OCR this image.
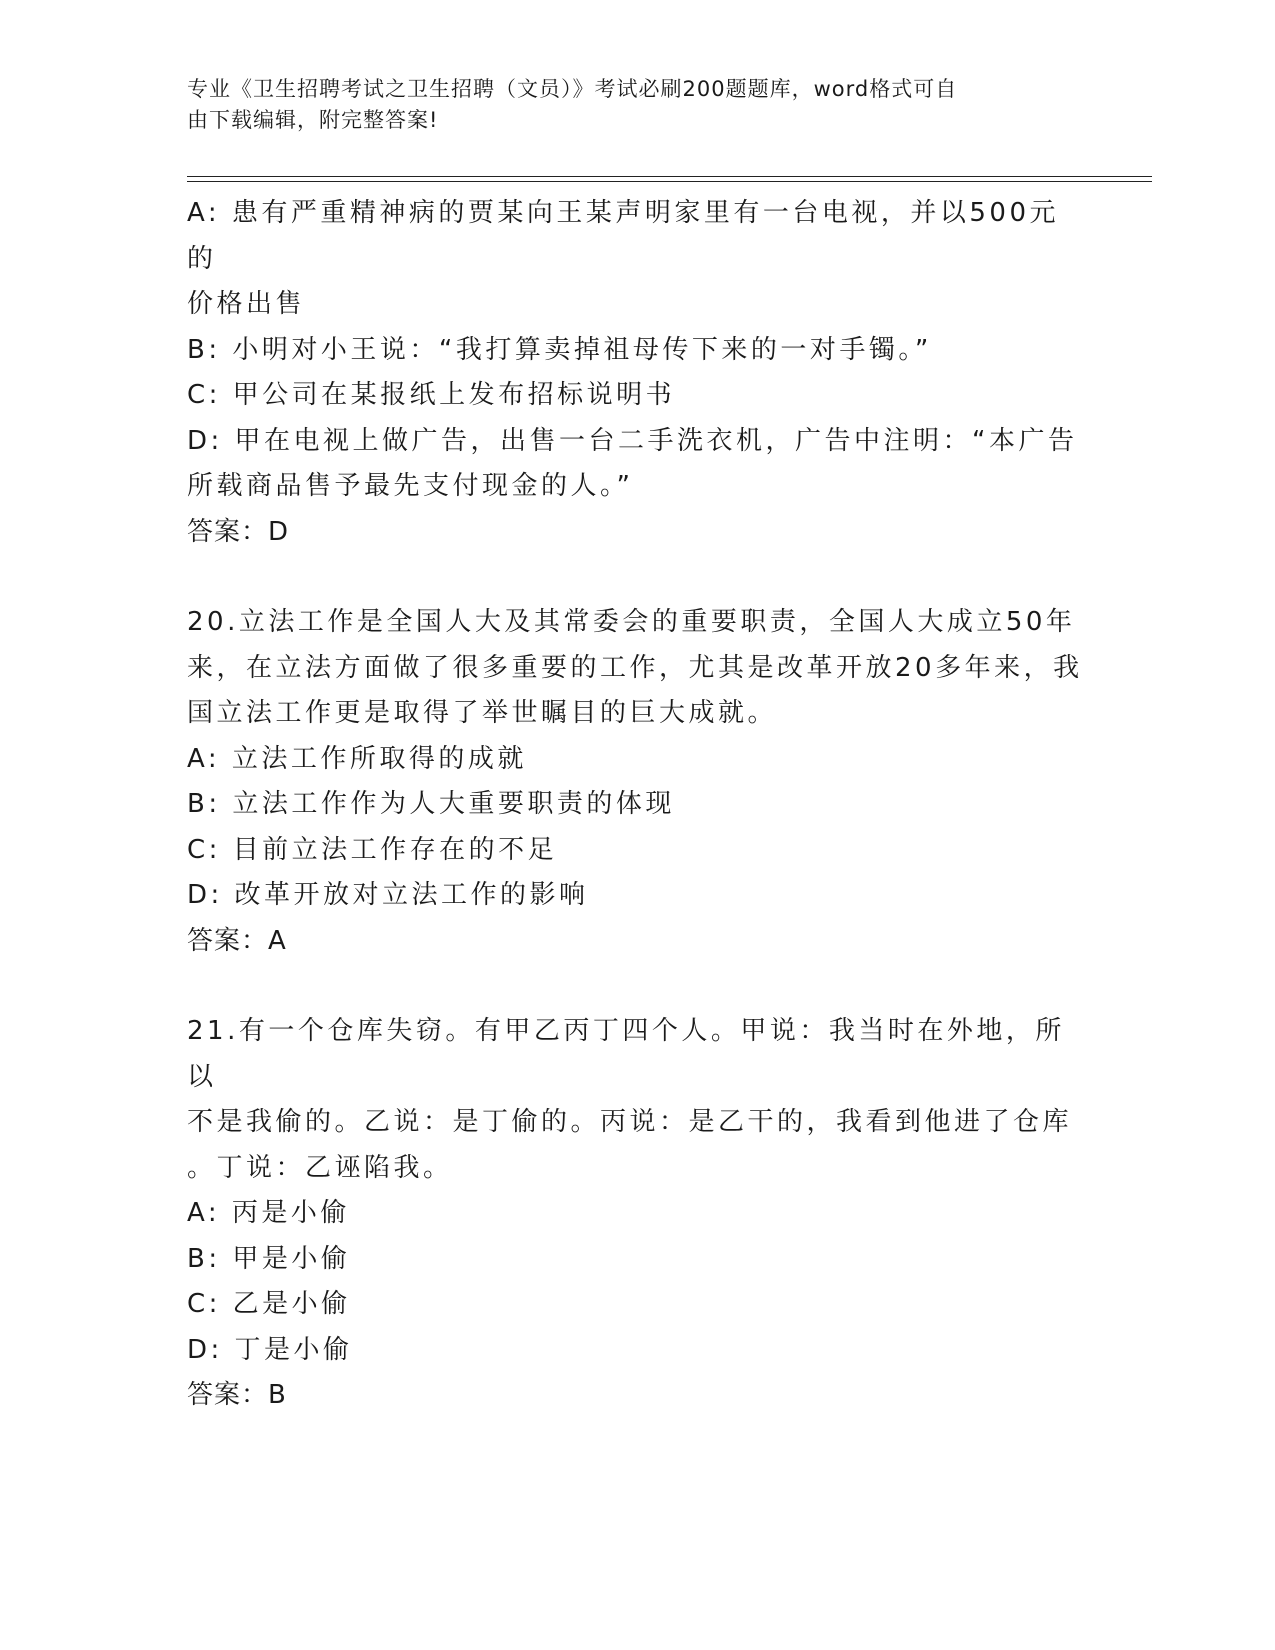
专业《卫生招聘考试之卫生招聘（文员）》考试必刷200题题库，word格式可自
由下载编辑，附完整答案!
A: 患有严重精神病的贾某向王某声明家里有一台电视，并以500元的
价格出售
B: 小明对小王说：“我打算卖掉祖母传下来的一对手镯。”
C: 甲公司在某报纸上发布招标说明书
D: 甲在电视上做广告，出售一台二手洗衣机，广告中注明：“本广告
所载商品售予最先支付现金的人。”
答案：D
20.立法工作是全国人大及其常委会的重要职责，全国人大成立50年
来，在立法方面做了很多重要的工作，尤其是改革开放20多年来，我
国立法工作更是取得了举世瞩目的巨大成就。
A: 立法工作所取得的成就
B: 立法工作作为人大重要职责的体现
C: 目前立法工作存在的不足
D: 改革开放对立法工作的影响
答案：A
21.有一个仓库失窃。有甲乙丙丁四个人。甲说：我当时在外地，所以
不是我偷的。乙说：是丁偷的。丙说：是乙干的，我看到他进了仓库
。丁说：乙诬陷我。
A: 丙是小偷
B: 甲是小偷
C: 乙是小偷
D: 丁是小偷
答案：B
